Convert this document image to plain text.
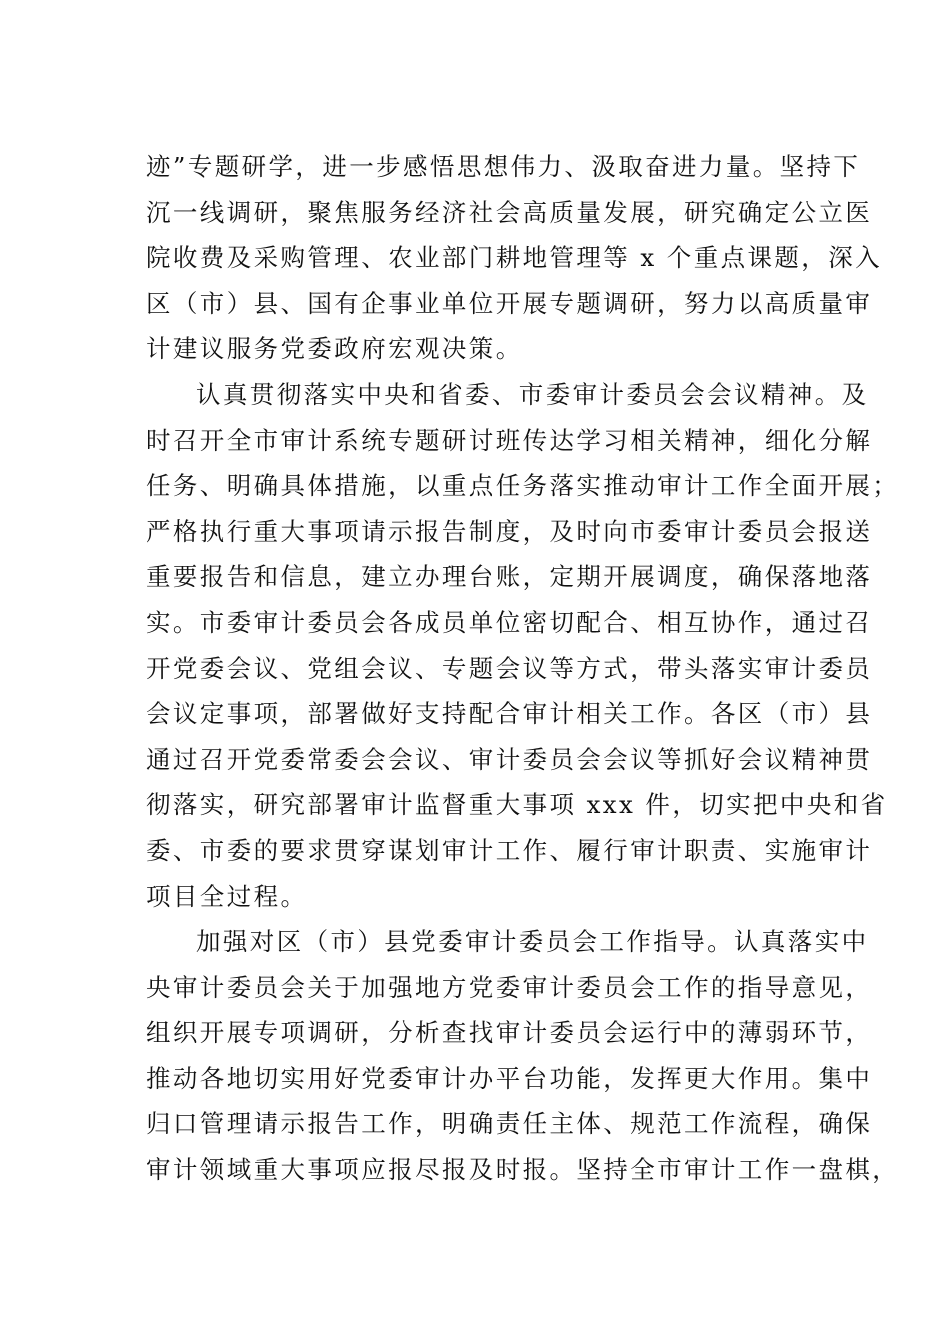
迹”专题研学，进一步感悟思想伟力、汲取奋进力量。坚持下
沉一线调研，聚焦服务经济社会高质量发展，研究确定公立医
院收费及采购管理、农业部门耕地管理等 x 个重点课题，深入
区（市）县、国有企事业单位开展专题调研，努力以高质量审
计建议服务党委政府宏观决策。
认真贯彻落实中央和省委、市委审计委员会会议精神。及
时召开全市审计系统专题研讨班传达学习相关精神，细化分解
任务、明确具体措施，以重点任务落实推动审计工作全面开展；
严格执行重大事项请示报告制度，及时向市委审计委员会报送
重要报告和信息，建立办理台账，定期开展调度，确保落地落
实。市委审计委员会各成员单位密切配合、相互协作，通过召
开党委会议、党组会议、专题会议等方式，带头落实审计委员
会议定事项，部署做好支持配合审计相关工作。各区（市）县
通过召开党委常委会会议、审计委员会会议等抓好会议精神贯
彻落实，研究部署审计监督重大事项 xxx 件，切实把中央和省
委、市委的要求贯穿谋划审计工作、履行审计职责、实施审计
项目全过程。
加强对区（市）县党委审计委员会工作指导。认真落实中
央审计委员会关于加强地方党委审计委员会工作的指导意见，
组织开展专项调研，分析查找审计委员会运行中的薄弱环节，
推动各地切实用好党委审计办平台功能，发挥更大作用。集中
归口管理请示报告工作，明确责任主体、规范工作流程，确保
审计领域重大事项应报尽报及时报。坚持全市审计工作一盘棋，
